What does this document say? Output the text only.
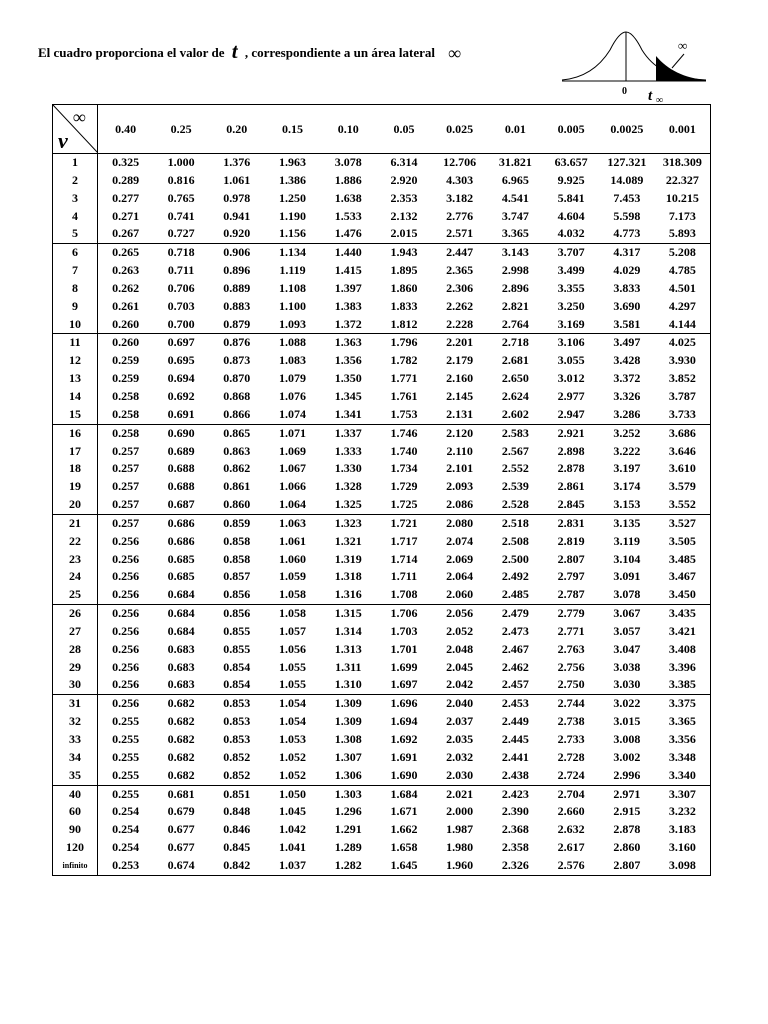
El cuadro proporciona el valor de t , correspondiente a un área lateral ∞	∞
0 t ∞
∞
v	0.40	0.25	0.20	0.15	0.10	0.05	0.025	0.01	0.005	0.0025	0.001
1	0.325	1.000	1.376	1.963	3.078	6.314	12.706	31.821	63.657	127.321	318.309
2	0.289	0.816	1.061	1.386	1.886	2.920	4.303	6.965	9.925	14.089	22.327
3	0.277	0.765	0.978	1.250	1.638	2.353	3.182	4.541	5.841	7.453	10.215
4	0.271	0.741	0.941	1.190	1.533	2.132	2.776	3.747	4.604	5.598	7.173
5	0.267	0.727	0.920	1.156	1.476	2.015	2.571	3.365	4.032	4.773	5.893
6	0.265	0.718	0.906	1.134	1.440	1.943	2.447	3.143	3.707	4.317	5.208
7	0.263	0.711	0.896	1.119	1.415	1.895	2.365	2.998	3.499	4.029	4.785
8	0.262	0.706	0.889	1.108	1.397	1.860	2.306	2.896	3.355	3.833	4.501
9	0.261	0.703	0.883	1.100	1.383	1.833	2.262	2.821	3.250	3.690	4.297
10	0.260	0.700	0.879	1.093	1.372	1.812	2.228	2.764	3.169	3.581	4.144
11	0.260	0.697	0.876	1.088	1.363	1.796	2.201	2.718	3.106	3.497	4.025
12	0.259	0.695	0.873	1.083	1.356	1.782	2.179	2.681	3.055	3.428	3.930
13	0.259	0.694	0.870	1.079	1.350	1.771	2.160	2.650	3.012	3.372	3.852
14	0.258	0.692	0.868	1.076	1.345	1.761	2.145	2.624	2.977	3.326	3.787
15	0.258	0.691	0.866	1.074	1.341	1.753	2.131	2.602	2.947	3.286	3.733
16	0.258	0.690	0.865	1.071	1.337	1.746	2.120	2.583	2.921	3.252	3.686
17	0.257	0.689	0.863	1.069	1.333	1.740	2.110	2.567	2.898	3.222	3.646
18	0.257	0.688	0.862	1.067	1.330	1.734	2.101	2.552	2.878	3.197	3.610
19	0.257	0.688	0.861	1.066	1.328	1.729	2.093	2.539	2.861	3.174	3.579
20	0.257	0.687	0.860	1.064	1.325	1.725	2.086	2.528	2.845	3.153	3.552
21	0.257	0.686	0.859	1.063	1.323	1.721	2.080	2.518	2.831	3.135	3.527
22	0.256	0.686	0.858	1.061	1.321	1.717	2.074	2.508	2.819	3.119	3.505
23	0.256	0.685	0.858	1.060	1.319	1.714	2.069	2.500	2.807	3.104	3.485
24	0.256	0.685	0.857	1.059	1.318	1.711	2.064	2.492	2.797	3.091	3.467
25	0.256	0.684	0.856	1.058	1.316	1.708	2.060	2.485	2.787	3.078	3.450
26	0.256	0.684	0.856	1.058	1.315	1.706	2.056	2.479	2.779	3.067	3.435
27	0.256	0.684	0.855	1.057	1.314	1.703	2.052	2.473	2.771	3.057	3.421
28	0.256	0.683	0.855	1.056	1.313	1.701	2.048	2.467	2.763	3.047	3.408
29	0.256	0.683	0.854	1.055	1.311	1.699	2.045	2.462	2.756	3.038	3.396
30	0.256	0.683	0.854	1.055	1.310	1.697	2.042	2.457	2.750	3.030	3.385
31	0.256	0.682	0.853	1.054	1.309	1.696	2.040	2.453	2.744	3.022	3.375
32	0.255	0.682	0.853	1.054	1.309	1.694	2.037	2.449	2.738	3.015	3.365
33	0.255	0.682	0.853	1.053	1.308	1.692	2.035	2.445	2.733	3.008	3.356
34	0.255	0.682	0.852	1.052	1.307	1.691	2.032	2.441	2.728	3.002	3.348
35	0.255	0.682	0.852	1.052	1.306	1.690	2.030	2.438	2.724	2.996	3.340
40	0.255	0.681	0.851	1.050	1.303	1.684	2.021	2.423	2.704	2.971	3.307
60	0.254	0.679	0.848	1.045	1.296	1.671	2.000	2.390	2.660	2.915	3.232
90	0.254	0.677	0.846	1.042	1.291	1.662	1.987	2.368	2.632	2.878	3.183
120	0.254	0.677	0.845	1.041	1.289	1.658	1.980	2.358	2.617	2.860	3.160
infinito	0.253	0.674	0.842	1.037	1.282	1.645	1.960	2.326	2.576	2.807	3.098
